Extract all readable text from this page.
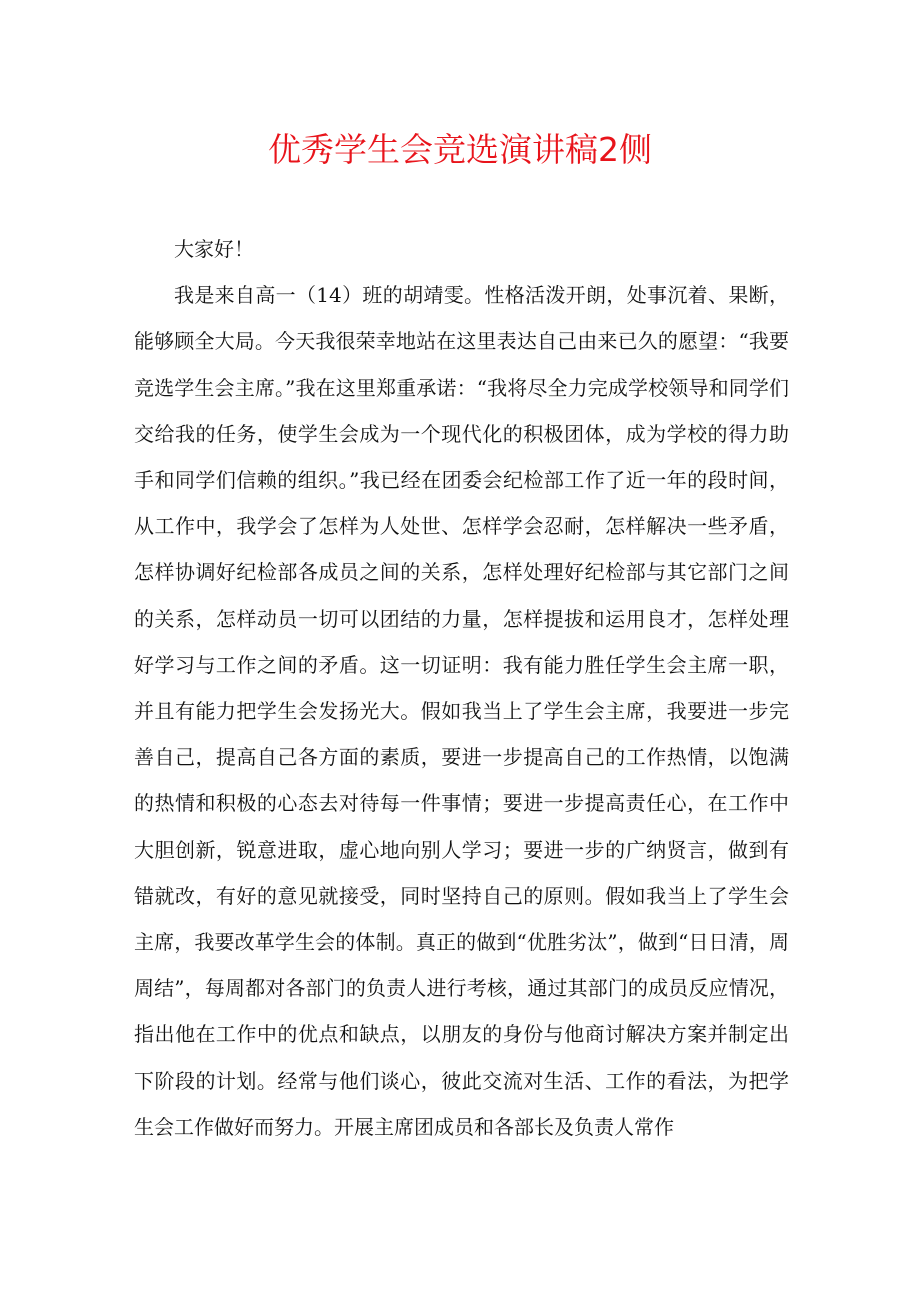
优秀学生会竞选演讲稿2侧

大家好！

我是来自高一（14）班的胡靖雯。性格活泼开朗，处事沉着、果断，能够顾全大局。今天我很荣幸地站在这里表达自己由来已久的愿望：“我要竞选学生会主席。”我在这里郑重承诺：“我将尽全力完成学校领导和同学们交给我的任务，使学生会成为一个现代化的积极团体，成为学校的得力助手和同学们信赖的组织。”我已经在团委会纪检部工作了近一年的段时间，从工作中，我学会了怎样为人处世、怎样学会忍耐，怎样解决一些矛盾，怎样协调好纪检部各成员之间的关系，怎样处理好纪检部与其它部门之间的关系，怎样动员一切可以团结的力量，怎样提拔和运用良才，怎样处理好学习与工作之间的矛盾。这一切证明：我有能力胜任学生会主席一职，并且有能力把学生会发扬光大。假如我当上了学生会主席，我要进一步完善自己，提高自己各方面的素质，要进一步提高自己的工作热情，以饱满的热情和积极的心态去对待每一件事情；要进一步提高责任心，在工作中大胆创新，锐意进取，虚心地向别人学习；要进一步的广纳贤言，做到有错就改，有好的意见就接受，同时坚持自己的原则。假如我当上了学生会主席，我要改革学生会的体制。真正的做到“优胜劣汰”，做到“日日清，周周结”，每周都对各部门的负责人进行考核，通过其部门的成员反应情况，指出他在工作中的优点和缺点，以朋友的身份与他商讨解决方案并制定出下阶段的计划。经常与他们谈心，彼此交流对生活、工作的看法，为把学生会工作做好而努力。开展主席团成员和各部长及负责人常作
